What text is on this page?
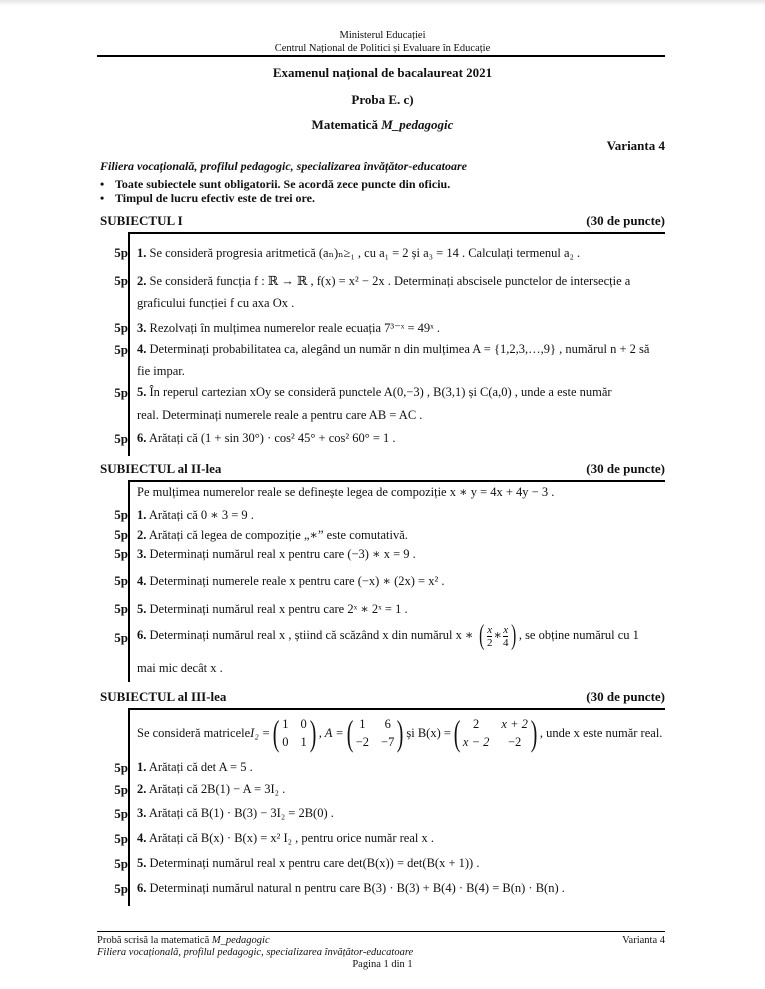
Ministerul Educației
Centrul Național de Politici și Evaluare în Educație
Examenul național de bacalaureat 2021
Proba E. c)
Matematică M_pedagogic
Varianta 4
Filiera vocațională, profilul pedagogic, specializarea învățător-educatoare
• Toate subiectele sunt obligatorii. Se acordă zece puncte din oficiu.
• Timpul de lucru efectiv este de trei ore.
SUBIECTUL I	(30 de puncte)
5p 1. Se consideră progresia aritmetică (aₙ)ₙ≥₁ , cu a₁ = 2 și a₃ = 14 . Calculați termenul a₂ .
5p 2. Se consideră funcția f : ℝ → ℝ , f(x) = x² − 2x . Determinați abscisele punctelor de intersecție a
graficului funcției f cu axa Ox .
5p 3. Rezolvați în mulțimea numerelor reale ecuația 7³⁻ˣ = 49ˣ .
5p 4. Determinați probabilitatea ca, alegând un număr n din mulțimea A = {1,2,3,…,9} , numărul n + 2 să
fie impar.
5p 5. În reperul cartezian xOy se consideră punctele A(0,−3) , B(3,1) și C(a,0) , unde a este număr
real. Determinați numerele reale a pentru care AB = AC .
5p 6. Arătați că (1 + sin 30°) · cos² 45° + cos² 60° = 1 .
SUBIECTUL al II-lea	(30 de puncte)
Pe mulțimea numerelor reale se definește legea de compoziție x ∗ y = 4x + 4y − 3 .
5p 1. Arătați că 0 ∗ 3 = 9 .
5p 2. Arătați că legea de compoziție „∗” este comutativă.
5p 3. Determinați numărul real x pentru care (−3) ∗ x = 9 .
5p 4. Determinați numerele reale x pentru care (−x) ∗ (2x) = x² .
5p 5. Determinați numărul real x pentru care 2ˣ ∗ 2ˣ = 1 .
5p 6. Determinați numărul real x , știind că scăzând x din numărul x ∗ ( $\frac{x}{2}$ ∗ $\frac{x}{4}$ ) , se obține numărul cu 1
mai mic decât x .
SUBIECTUL al III-lea	(30 de puncte)
Se consideră matricele I₂ = ( 1 0
0 1 ) , A = ( 1 6
−2 −7 ) și B(x) = (	2	x + 2
x − 2	−2 ) , unde x este număr real.
5p 1. Arătați că det A = 5 .
5p 2. Arătați că 2B(1) − A = 3I₂ .
5p 3. Arătați că B(1) · B(3) − 3I₂ = 2B(0) .
5p 4. Arătați că B(x) · B(x) = x² I₂ , pentru orice număr real x .
5p 5. Determinați numărul real x pentru care det(B(x)) = det(B(x + 1)) .
5p 6. Determinați numărul natural n pentru care B(3) · B(3) + B(4) · B(4) = B(n) · B(n) .
Probă scrisă la matematică M_pedagogic	Varianta 4
Filiera vocațională, profilul pedagogic, specializarea învățător-educatoare
Pagina 1 din 1
